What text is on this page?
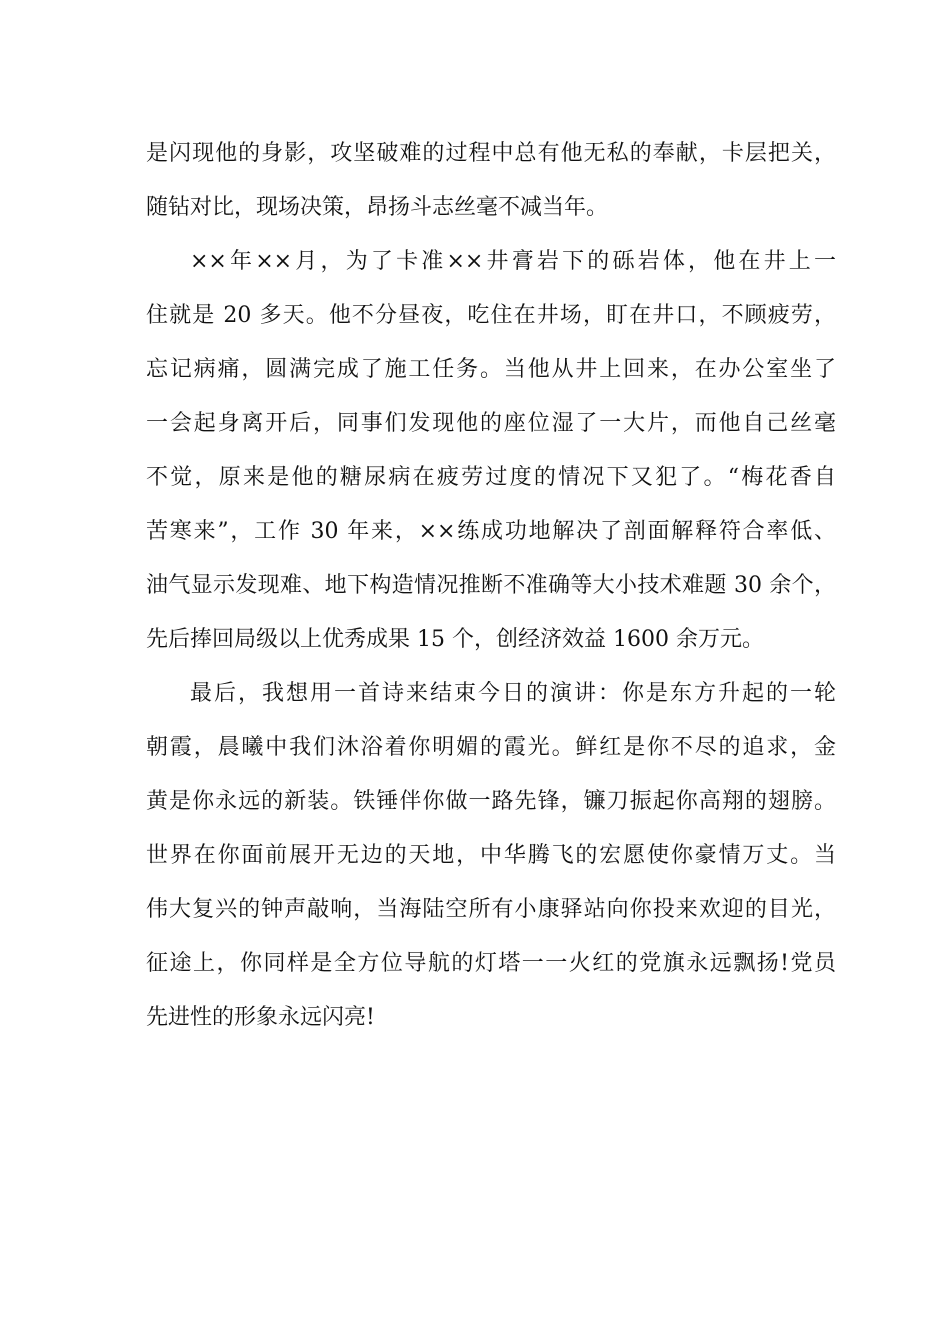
是闪现他的身影，攻坚破难的过程中总有他无私的奉献，卡层把关，
随钻对比，现场决策，昂扬斗志丝毫不减当年。
××年××月，为了卡准××井膏岩下的砾岩体，他在井上一
住就是 20 多天。他不分昼夜，吃住在井场，盯在井口，不顾疲劳，
忘记病痛，圆满完成了施工任务。当他从井上回来，在办公室坐了
一会起身离开后，同事们发现他的座位湿了一大片，而他自己丝毫
不觉，原来是他的糖尿病在疲劳过度的情况下又犯了。“梅花香自
苦寒来”，工作 30 年来，××练成功地解决了剖面解释符合率低、
油气显示发现难、地下构造情况推断不准确等大小技术难题 30 余个，
先后捧回局级以上优秀成果 15 个，创经济效益 1600 余万元。
最后，我想用一首诗来结束今日的演讲：你是东方升起的一轮
朝霞，晨曦中我们沐浴着你明媚的霞光。鲜红是你不尽的追求，金
黄是你永远的新装。铁锤伴你做一路先锋，镰刀振起你高翔的翅膀。
世界在你面前展开无边的天地，中华腾飞的宏愿使你豪情万丈。当
伟大复兴的钟声敲响，当海陆空所有小康驿站向你投来欢迎的目光，
征途上，你同样是全方位导航的灯塔一一火红的党旗永远飘扬!党员
先进性的形象永远闪亮!
